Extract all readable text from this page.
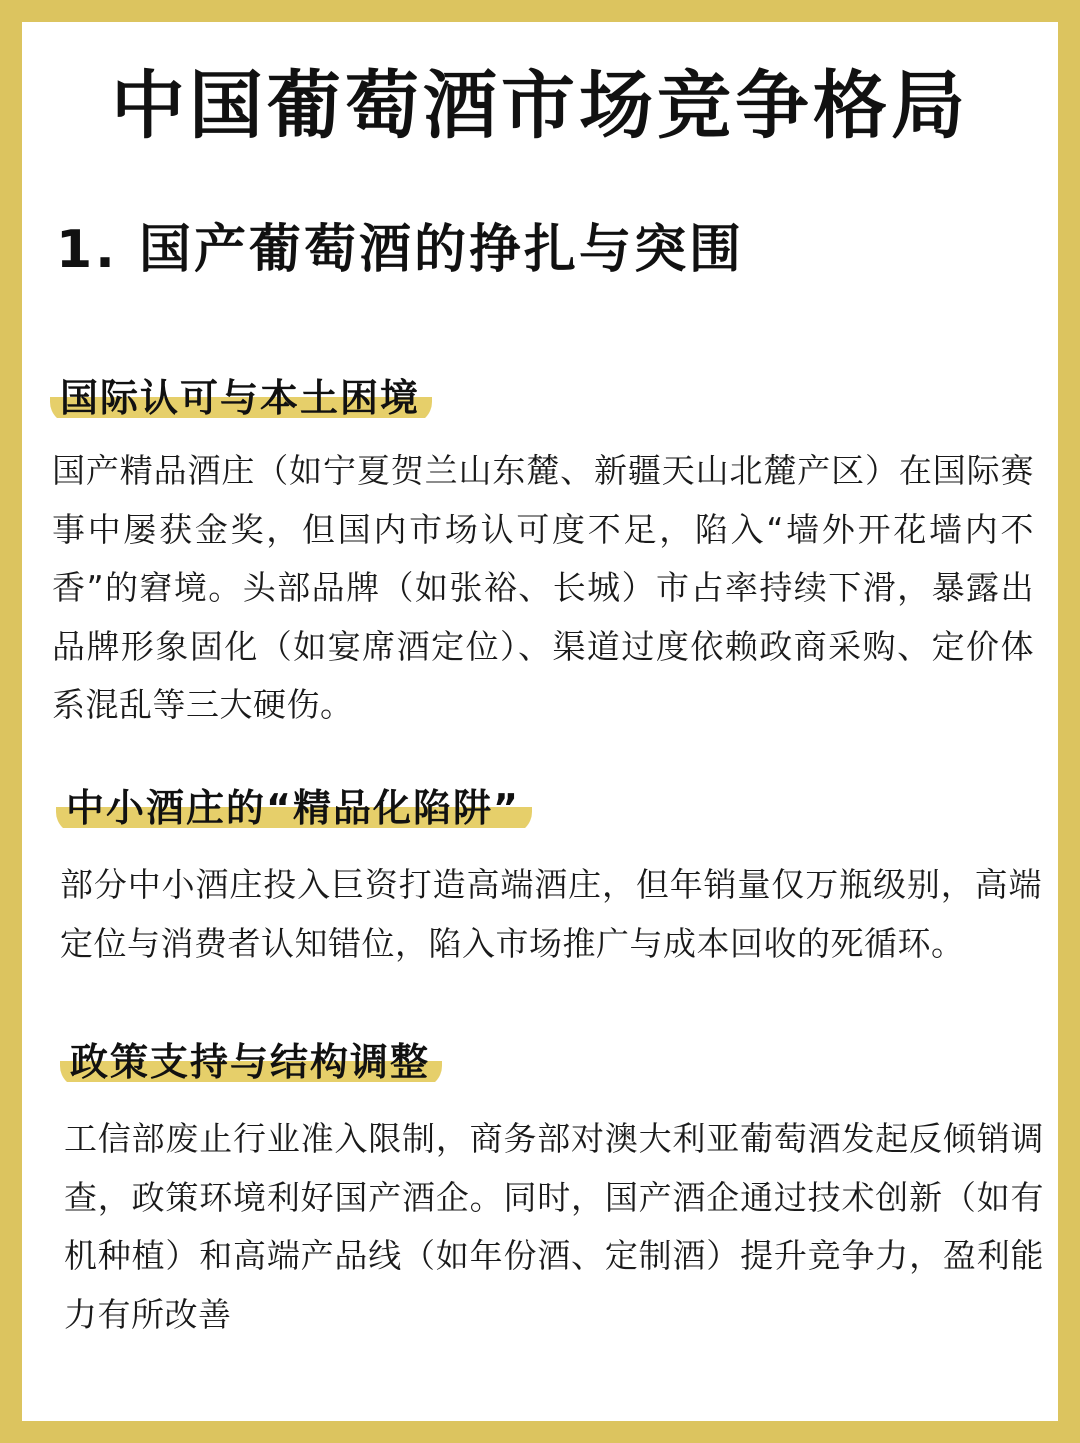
中国葡萄酒市场竞争格局
1. 国产葡萄酒的挣扎与突围
国际认可与本土困境
国产精品酒庄（如宁夏贺兰山东麓、新疆天山北麓产区）在国际赛事中屡获金奖，但国内市场认可度不足，陷入“墙外开花墙内不香”的窘境。头部品牌（如张裕、长城）市占率持续下滑，暴露出品牌形象固化（如宴席酒定位）、渠道过度依赖政商采购、定价体系混乱等三大硬伤。
中小酒庄的“精品化陷阱”
部分中小酒庄投入巨资打造高端酒庄，但年销量仅万瓶级别，高端定位与消费者认知错位，陷入市场推广与成本回收的死循环。
政策支持与结构调整
工信部废止行业准入限制，商务部对澳大利亚葡萄酒发起反倾销调查，政策环境利好国产酒企。同时，国产酒企通过技术创新（如有机种植）和高端产品线（如年份酒、定制酒）提升竞争力，盈利能力有所改善
